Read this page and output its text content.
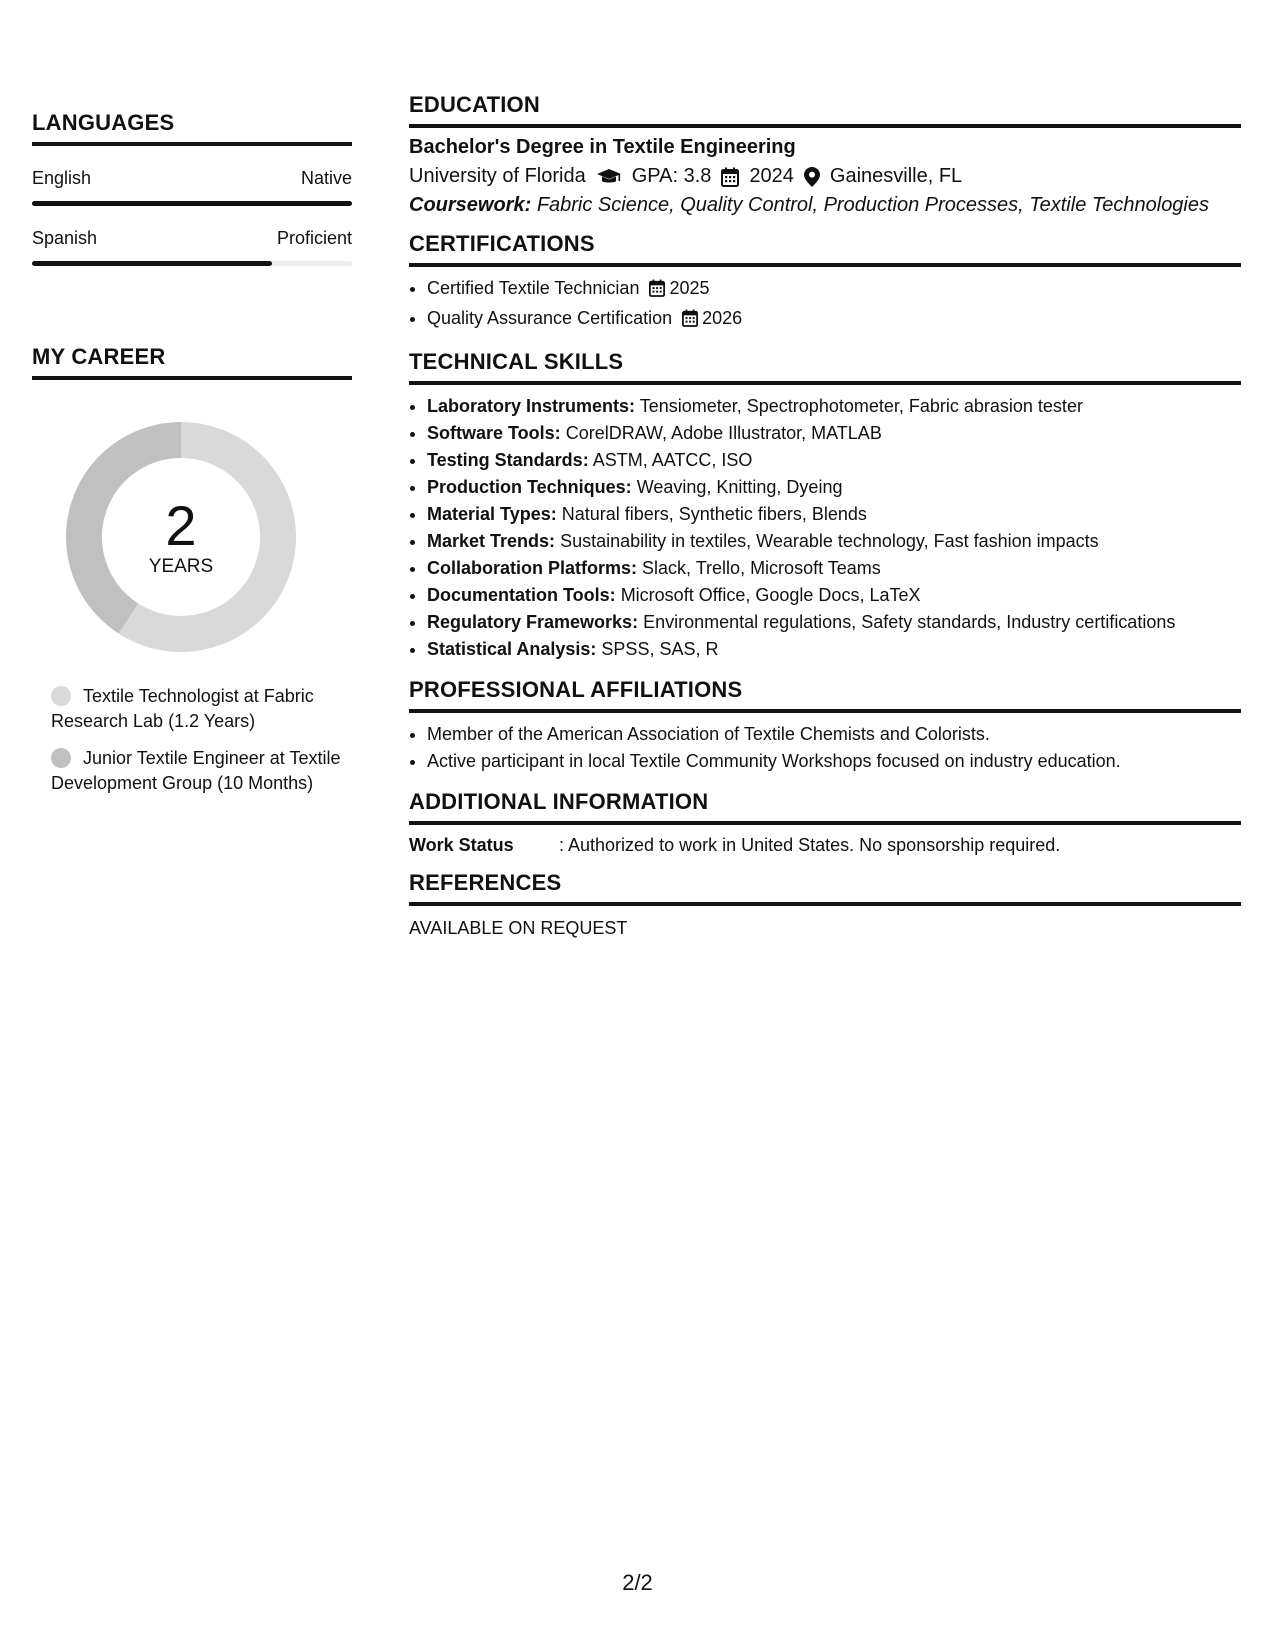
LANGUAGES
English	Native
Spanish	Proficient
MY CAREER
2
YEARS
Textile Technologist at Fabric Research Lab (1.2 Years)
Junior Textile Engineer at Textile Development Group (10 Months)
EDUCATION
Bachelor's Degree in Textile Engineering
University of Florida GPA: 3.8 2024 Gainesville, FL
Coursework: Fabric Science, Quality Control, Production Processes, Textile Technologies
CERTIFICATIONS
• Certified Textile Technician 2025
• Quality Assurance Certification 2026
TECHNICAL SKILLS
• Laboratory Instruments: Tensiometer, Spectrophotometer, Fabric abrasion tester
• Software Tools: CorelDRAW, Adobe Illustrator, MATLAB
• Testing Standards: ASTM, AATCC, ISO
• Production Techniques: Weaving, Knitting, Dyeing
• Material Types: Natural fibers, Synthetic fibers, Blends
• Market Trends: Sustainability in textiles, Wearable technology, Fast fashion impacts
• Collaboration Platforms: Slack, Trello, Microsoft Teams
• Documentation Tools: Microsoft Office, Google Docs, LaTeX
• Regulatory Frameworks: Environmental regulations, Safety standards, Industry certifications
• Statistical Analysis: SPSS, SAS, R
PROFESSIONAL AFFILIATIONS
• Member of the American Association of Textile Chemists and Colorists.
• Active participant in local Textile Community Workshops focused on industry education.
ADDITIONAL INFORMATION
Work Status	: Authorized to work in United States. No sponsorship required.
REFERENCES
AVAILABLE ON REQUEST
2/2
